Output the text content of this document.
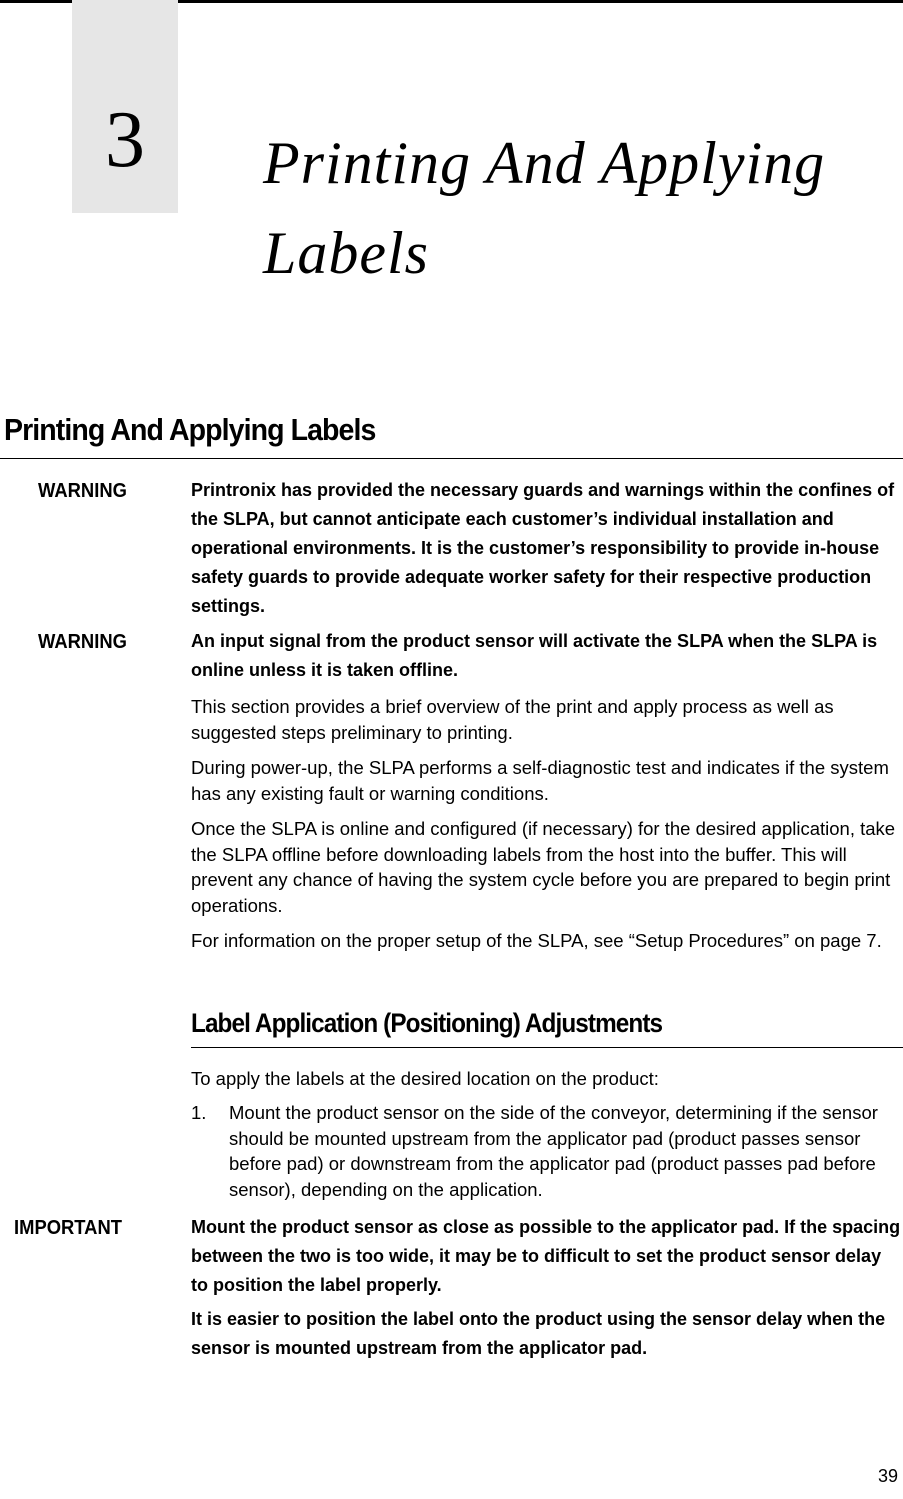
3	Printing And Applying Labels
Printing And Applying Labels
WARNING	Printronix has provided the necessary guards and warnings within the confines of the SLPA, but cannot anticipate each customer’s individual installation and operational environments. It is the customer’s responsibility to provide in-house safety guards to provide adequate worker safety for their respective production settings.
WARNING	An input signal from the product sensor will activate the SLPA when the SLPA is online unless it is taken offline.
This section provides a brief overview of the print and apply process as well as suggested steps preliminary to printing.
During power-up, the SLPA performs a self-diagnostic test and indicates if the system has any existing fault or warning conditions.
Once the SLPA is online and configured (if necessary) for the desired application, take the SLPA offline before downloading labels from the host into the buffer. This will prevent any chance of having the system cycle before you are prepared to begin print operations.
For information on the proper setup of the SLPA, see “Setup Procedures” on page 7.
Label Application (Positioning) Adjustments
To apply the labels at the desired location on the product:
1. Mount the product sensor on the side of the conveyor, determining if the sensor should be mounted upstream from the applicator pad (product passes sensor before pad) or downstream from the applicator pad (product passes pad before sensor), depending on the application.
IMPORTANT	Mount the product sensor as close as possible to the applicator pad. If the spacing between the two is too wide, it may be to difficult to set the product sensor delay to position the label properly.
It is easier to position the label onto the product using the sensor delay when the sensor is mounted upstream from the applicator pad.
39
